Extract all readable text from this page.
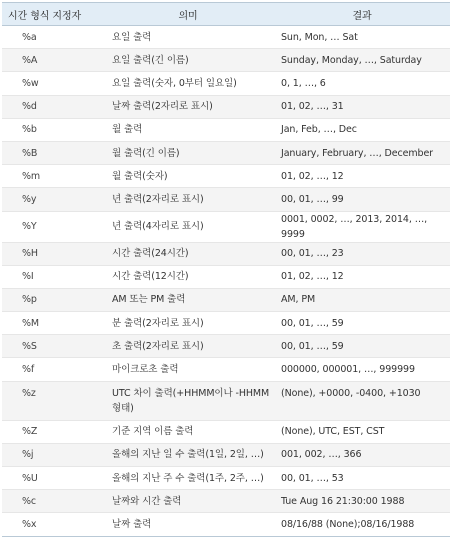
시간 형식 지정자	의미	결과
%a	요일 출력	Sun, Mon, … Sat
%A	요일 출력(긴 이름)	Sunday, Monday, …, Saturday
%w	요일 출력(숫자, 0부터 일요일)	0, 1, …, 6
%d	날짜 출력(2자리로 표시)	01, 02, …, 31
%b	월 출력	Jan, Feb, …, Dec
%B	월 출력(긴 이름)	January, February, …, December
%m	월 출력(숫자)	01, 02, …, 12
%y	년 출력(2자리로 표시)	00, 01, …, 99
%Y	년 출력(4자리로 표시)	0001, 0002, …, 2013, 2014, …, 9999
%H	시간 출력(24시간)	00, 01, …, 23
%I	시간 출력(12시간)	01, 02, …, 12
%p	AM 또는 PM 출력	AM, PM
%M	분 출력(2자리로 표시)	00, 01, …, 59
%S	초 출력(2자리로 표시)	00, 01, …, 59
%f	마이크로초 출력	000000, 000001, …, 999999
%z	UTC 차이 출력(+HHMM이나 -HHMM 형태)	(None), +0000, -0400, +1030
%Z	기준 지역 이름 출력	(None), UTC, EST, CST
%j	올해의 지난 일 수 출력(1일, 2일, …)	001, 002, …, 366
%U	올해의 지난 주 수 출력(1주, 2주, …)	00, 01, …, 53
%c	날짜와 시간 출력	Tue Aug 16 21:30:00 1988
%x	날짜 출력	08/16/88 (None);08/16/1988
